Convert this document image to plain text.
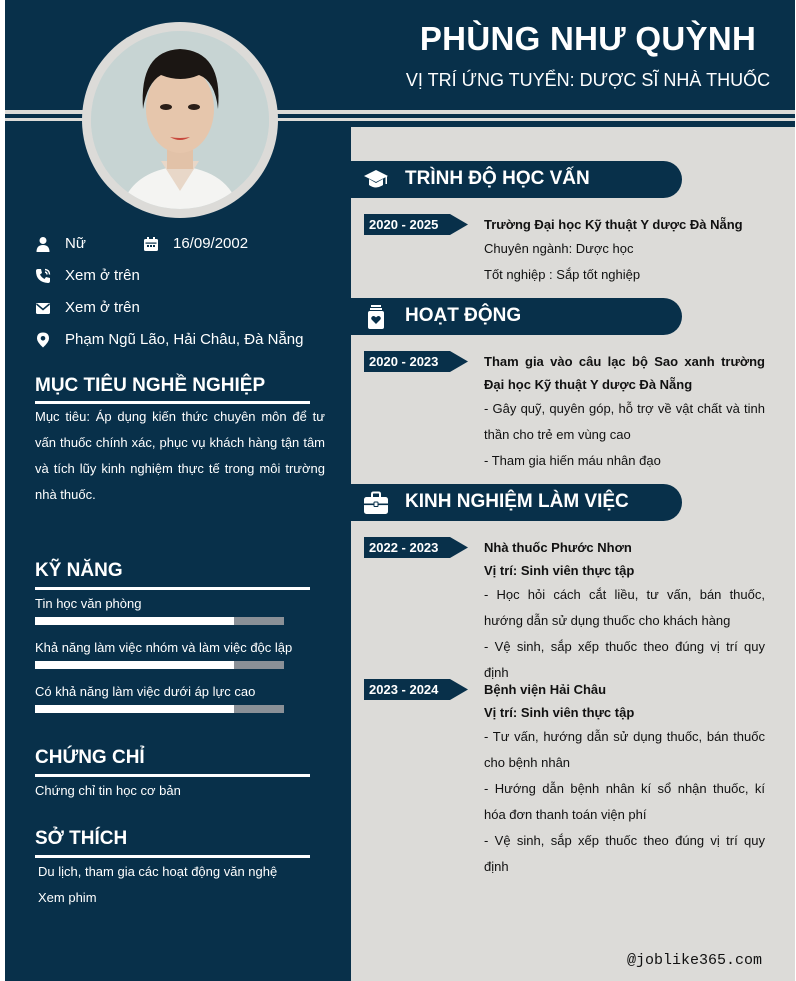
PHÙNG NHƯ QUỲNH
VỊ TRÍ ỨNG TUYỂN: DƯỢC SĨ NHÀ THUỐC
Nữ	16/09/2002
Xem ở trên
Xem ở trên
Phạm Ngũ Lão, Hải Châu, Đà Nẵng
MỤC TIÊU NGHỀ NGHIỆP
Mục tiêu: Áp dụng kiến thức chuyên môn để tư vấn thuốc chính xác, phục vụ khách hàng tận tâm và tích lũy kinh nghiệm thực tế trong môi trường nhà thuốc.
KỸ NĂNG
CHỨNG CHỈ
Chứng chỉ tin học cơ bản
SỞ THÍCH
Du lịch, tham gia các hoạt động văn nghệ
Xem phim
TRÌNH ĐỘ HỌC VẤN
2020 - 2025	Trường Đại học Kỹ thuật Y dược Đà Nẵng

Chuyên ngành: Dược học

Tốt nghiệp : Sắp tốt nghiệp

HOẠT ĐỘNG
2020 - 2023	Tham gia vào câu lạc bộ Sao xanh trường Đại học Kỹ thuật Y dược Đà Nẵng

- Gây quỹ, quyên góp, hỗ trợ về vật chất và tinh thần cho trẻ em vùng cao

- Tham gia hiến máu nhân đạo

KINH NGHIỆM LÀM VIỆC
2022 - 2023	Nhà thuốc Phước Nhơn

Vị trí: Sinh viên thực tập

- Học hỏi cách cắt liều, tư vấn, bán thuốc, hướng dẫn sử dụng thuốc cho khách hàng

- Vệ sinh, sắp xếp thuốc theo đúng vị trí quy định

2023 - 2024	Bệnh viện Hải Châu

Vị trí: Sinh viên thực tập

- Tư vấn, hướng dẫn sử dụng thuốc, bán thuốc cho bệnh nhân

- Hướng dẫn bệnh nhân kí sổ nhận thuốc, kí hóa đơn thanh toán viện phí

- Vệ sinh, sắp xếp thuốc theo đúng vị trí quy định

@joblike365.com
Tin học văn phòng
Khả năng làm việc nhóm và làm việc độc lập
Có khả năng làm việc dưới áp lực cao
